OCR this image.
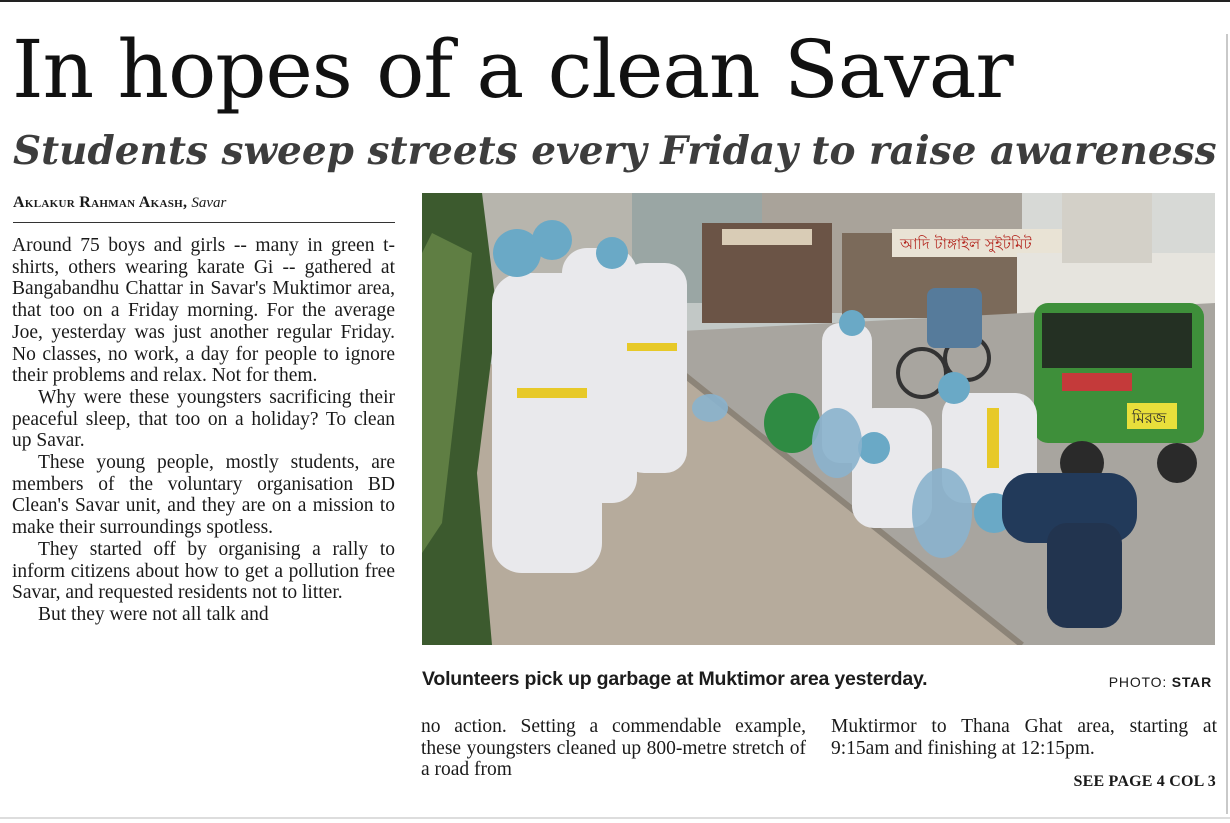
In hopes of a clean Savar
Students sweep streets every Friday to raise awareness
Aklakur Rahman Akash, Savar

Around 75 boys and girls -- many in green t-shirts, others wearing karate Gi -- gathered at Bangabandhu Chattar in Savar's Muktimor area, that too on a Friday morning. For the average Joe, yesterday was just another regular Friday. No classes, no work, a day for people to ignore their problems and relax. Not for them.

Why were these youngsters sacrificing their peaceful sleep, that too on a holiday? To clean up Savar.

These young people, mostly students, are members of the voluntary organisation BD Clean's Savar unit, and they are on a mission to make their surroundings spotless.

They started off by organising a rally to inform citizens about how to get a pollution free Savar, and requested residents not to litter.

But they were not all talk and

আদি টাঙ্গাইল সুইটমিট
মিরজ
Volunteers pick up garbage at Muktimor area yesterday.	PHOTO: STAR

no action. Setting a commendable example, these youngsters cleaned up 800-metre stretch of a road from

Muktirmor to Thana Ghat area, starting at 9:15am and finishing at 12:15pm.

SEE PAGE 4 COL 3
